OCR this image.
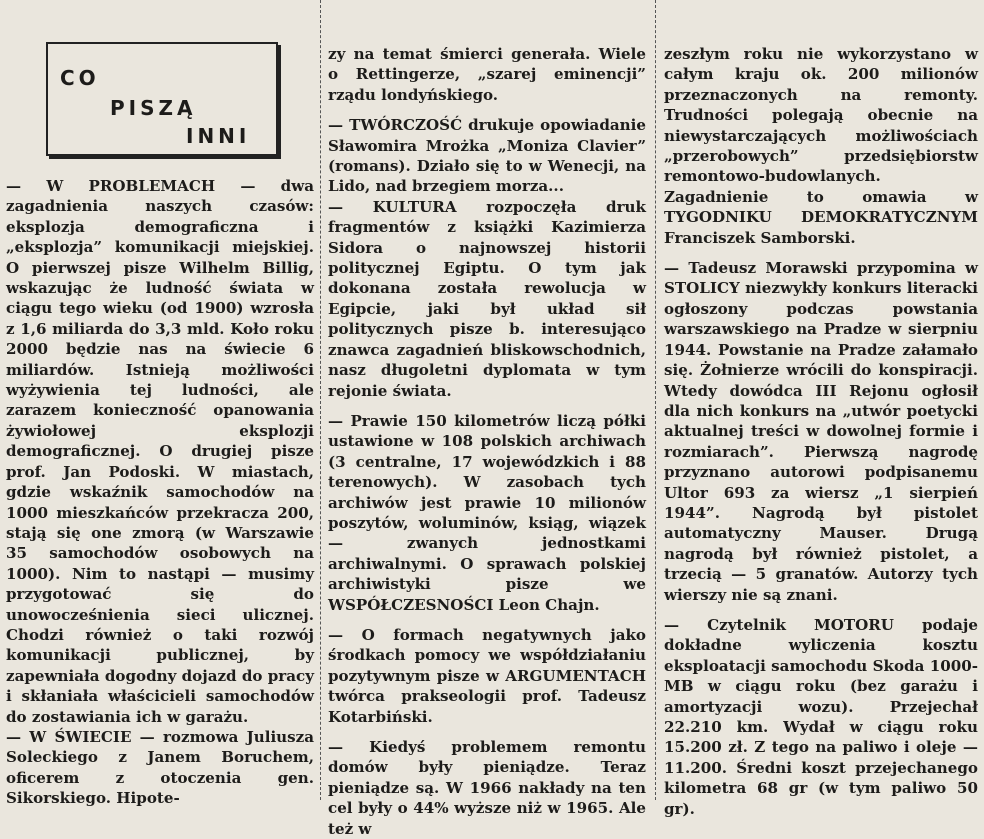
CO
PISZĄ
INNI

— W PROBLEMACH — dwa zagadnienia naszych czasów: eksplozja demograficzna i „eksplozja” komunikacji miejskiej. O pierwszej pisze Wilhelm Billig, wskazując że ludność świata w ciągu tego wieku (od 1900) wzrosła z 1,6 miliarda do 3,3 mld. Koło roku 2000 będzie nas na świecie 6 miliardów. Istnieją możliwości wyżywienia tej ludności, ale zarazem konieczność opanowania żywiołowej eksplozji demograficznej. O drugiej pisze prof. Jan Podoski. W miastach, gdzie wskaźnik samochodów na 1000 mieszkańców przekracza 200, stają się one zmorą (w Warszawie 35 samochodów osobowych na 1000). Nim to nastąpi — musimy przygotować się do unowocześnienia sieci ulicznej. Chodzi również o taki rozwój komunikacji publicznej, by zapewniała dogodny dojazd do pracy i skłaniała właścicieli samochodów do zostawiania ich w garażu.

— W ŚWIECIE — rozmowa Juliusza Soleckiego z Janem Boruchem, oficerem z otoczenia gen. Sikorskiego. Hipote-

zy na temat śmierci generała. Wiele o Rettingerze, „szarej eminencji” rządu londyńskiego.

— TWÓRCZOŚĆ drukuje opowiadanie Sławomira Mrożka „Moniza Clavier” (romans). Działo się to w Wenecji, na Lido, nad brzegiem morza...

— KULTURA rozpoczęła druk fragmentów z książki Kazimierza Sidora o najnowszej historii politycznej Egiptu. O tym jak dokonana została rewolucja w Egipcie, jaki był układ sił politycznych pisze b. interesująco znawca zagadnień bliskowschodnich, nasz długoletni dyplomata w tym rejonie świata.

— Prawie 150 kilometrów liczą półki ustawione w 108 polskich archiwach (3 centralne, 17 wojewódzkich i 88 terenowych). W zasobach tych archiwów jest prawie 10 milionów poszytów, woluminów, ksiąg, wiązek — zwanych jednostkami archiwalnymi. O sprawach polskiej archiwistyki pisze we WSPÓŁCZESNOŚCI Leon Chajn.

— O formach negatywnych jako środkach pomocy we współdziałaniu pozytywnym pisze w ARGUMENTACH twórca prakseologii prof. Tadeusz Kotarbiński.

— Kiedyś problemem remontu domów były pieniądze. Teraz pieniądze są. W 1966 nakłady na ten cel były o 44% wyższe niż w 1965. Ale też w

zeszłym roku nie wykorzystano w całym kraju ok. 200 milionów przeznaczonych na remonty. Trudności polegają obecnie na niewystarczających możliwościach „przerobowych” przedsiębiorstw remontowo-budowlanych. Zagadnienie to omawia w TYGODNIKU DEMOKRATYCZNYM Franciszek Samborski.

— Tadeusz Morawski przypomina w STOLICY niezwykły konkurs literacki ogłoszony podczas powstania warszawskiego na Pradze w sierpniu 1944. Powstanie na Pradze załamało się. Żołnierze wrócili do konspiracji. Wtedy dowódca III Rejonu ogłosił dla nich konkurs na „utwór poetycki aktualnej treści w dowolnej formie i rozmiarach”. Pierwszą nagrodę przyznano autorowi podpisanemu Ultor 693 za wiersz „1 sierpień 1944”. Nagrodą był pistolet automatyczny Mauser. Drugą nagrodą był również pistolet, a trzecią — 5 granatów. Autorzy tych wierszy nie są znani.

— Czytelnik MOTORU podaje dokładne wyliczenia kosztu eksploatacji samochodu Skoda 1000-MB w ciągu roku (bez garażu i amortyzacji wozu). Przejechał 22.210 km. Wydał w ciągu roku 15.200 zł. Z tego na paliwo i oleje — 11.200. Średni koszt przejechanego kilometra 68 gr (w tym paliwo 50 gr).
